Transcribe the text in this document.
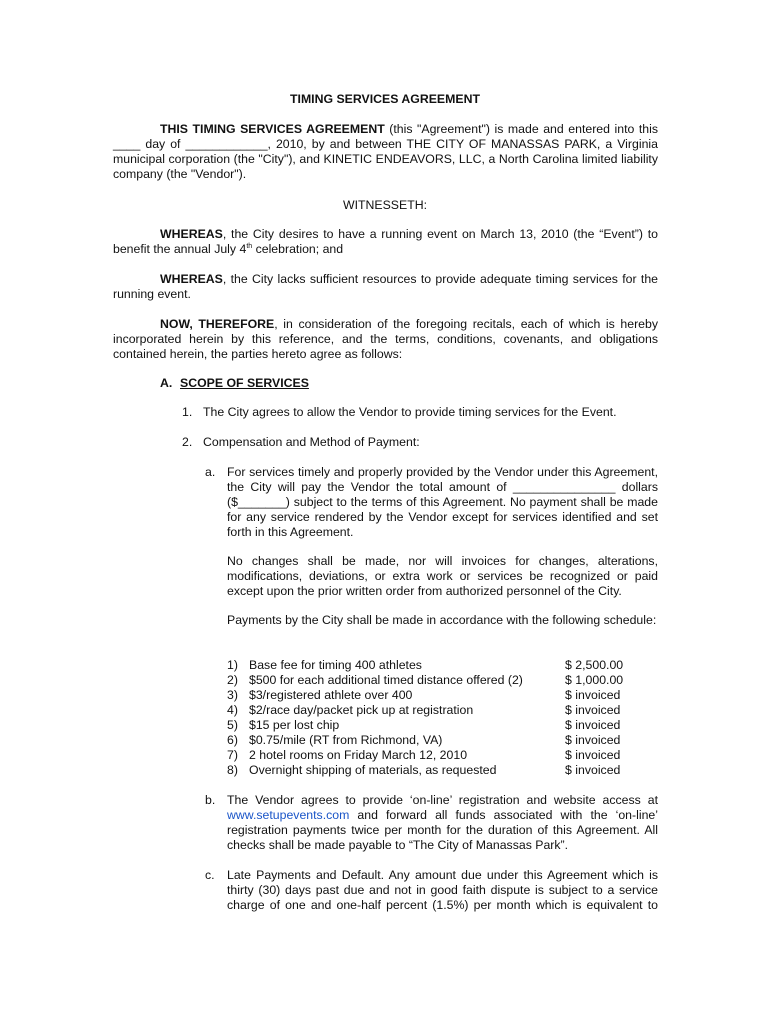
TIMING SERVICES AGREEMENT
THIS TIMING SERVICES AGREEMENT (this "Agreement") is made and entered into this ____ day of ____________, 2010, by and between THE CITY OF MANASSAS PARK, a Virginia municipal corporation (the "City"), and KINETIC ENDEAVORS, LLC, a North Carolina limited liability company (the "Vendor").
WITNESSETH:
WHEREAS, the City desires to have a running event on March 13, 2010 (the “Event”) to benefit the annual July 4th celebration; and
WHEREAS, the City lacks sufficient resources to provide adequate timing services for the running event.
NOW, THEREFORE, in consideration of the foregoing recitals, each of which is hereby incorporated herein by this reference, and the terms, conditions, covenants, and obligations contained herein, the parties hereto agree as follows:
A. SCOPE OF SERVICES
1. The City agrees to allow the Vendor to provide timing services for the Event.
2. Compensation and Method of Payment:
a. For services timely and properly provided by the Vendor under this Agreement, the City will pay the Vendor the total amount of _______________ dollars ($_______) subject to the terms of this Agreement. No payment shall be made for any service rendered by the Vendor except for services identified and set forth in this Agreement.
No changes shall be made, nor will invoices for changes, alterations, modifications, deviations, or extra work or services be recognized or paid except upon the prior written order from authorized personnel of the City.
Payments by the City shall be made in accordance with the following schedule:
1) Base fee for timing 400 athletes	$ 2,500.00
2) $500 for each additional timed distance offered (2)	$ 1,000.00
3) $3/registered athlete over 400	$ invoiced
4) $2/race day/packet pick up at registration	$ invoiced
5) $15 per lost chip	$ invoiced
6) $0.75/mile (RT from Richmond, VA)	$ invoiced
7) 2 hotel rooms on Friday March 12, 2010	$ invoiced
8) Overnight shipping of materials, as requested	$ invoiced
b. The Vendor agrees to provide ‘on-line’ registration and website access at www.setupevents.com and forward all funds associated with the ‘on-line’ registration payments twice per month for the duration of this Agreement. All checks shall be made payable to “The City of Manassas Park”.
c. Late Payments and Default. Any amount due under this Agreement which is thirty (30) days past due and not in good faith dispute is subject to a service charge of one and one-half percent (1.5%) per month which is equivalent to
